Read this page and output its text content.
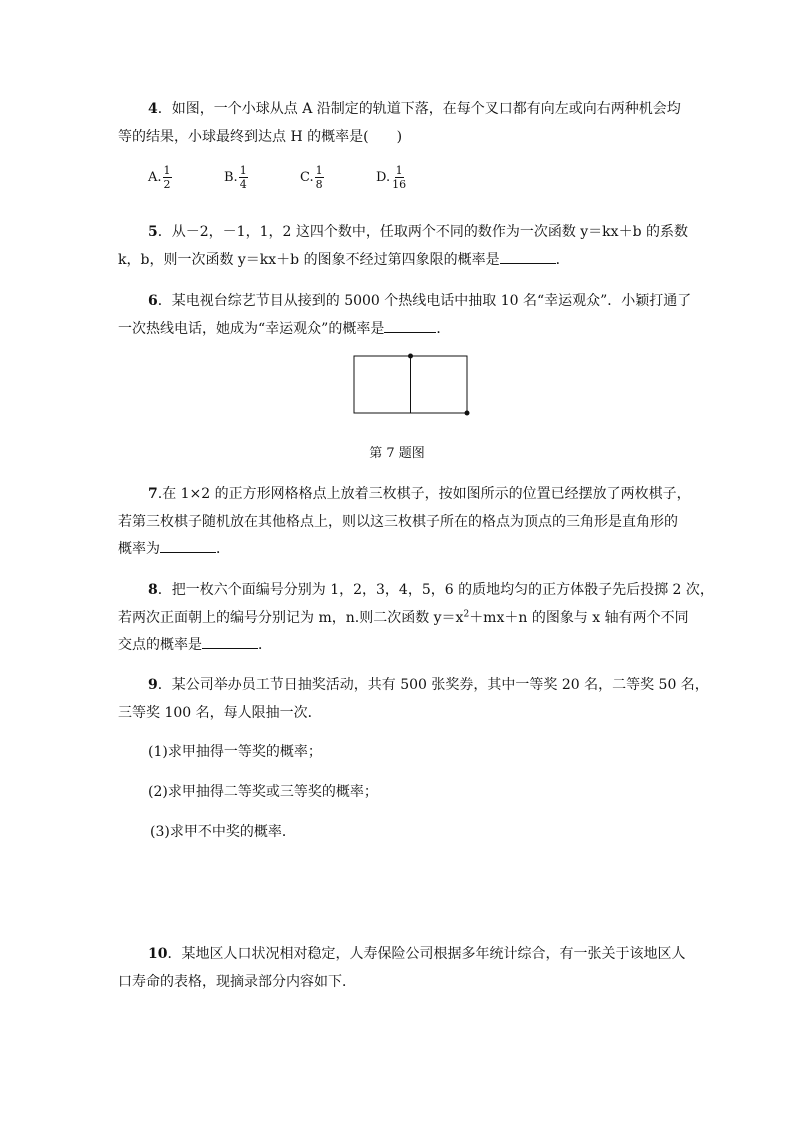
4．如图，一个小球从点 A 沿制定的轨道下落，在每个叉口都有向左或向右两种机会均
等的结果，小球最终到达点 H 的概率是(　　)
A. $\frac{1}{2}$	B. $\frac{1}{4}$	C. $\frac{1}{8}$	D. $\frac{1}{16}$
5．从－2，－1，1，2 这四个数中，任取两个不同的数作为一次函数 y＝kx＋b 的系数
k，b，则一次函数 y＝kx＋b 的图象不经过第四象限的概率是	．
6．某电视台综艺节目从接到的 5000 个热线电话中抽取 10 名“幸运观众”．小颖打通了
一次热线电话，她成为“幸运观众”的概率是	．
第 7 题图
7.在 1×2 的正方形网格格点上放着三枚棋子，按如图所示的位置已经摆放了两枚棋子，
若第三枚棋子随机放在其他格点上，则以这三枚棋子所在的格点为顶点的三角形是直角形的
概率为	．
8．把一枚六个面编号分别为 1，2，3，4，5，6 的质地均匀的正方体骰子先后投掷 2 次，
若两次正面朝上的编号分别记为 m，n.则二次函数 $y=x^2+mx+n$ 的图象与 x 轴有两个不同
交点的概率是	．
9．某公司举办员工节日抽奖活动，共有 500 张奖券，其中一等奖 20 名，二等奖 50 名，
三等奖 100 名，每人限抽一次．
(1)求甲抽得一等奖的概率；
(2)求甲抽得二等奖或三等奖的概率；
(3)求甲不中奖的概率．
10．某地区人口状况相对稳定，人寿保险公司根据多年统计综合，有一张关于该地区人
口寿命的表格，现摘录部分内容如下．
